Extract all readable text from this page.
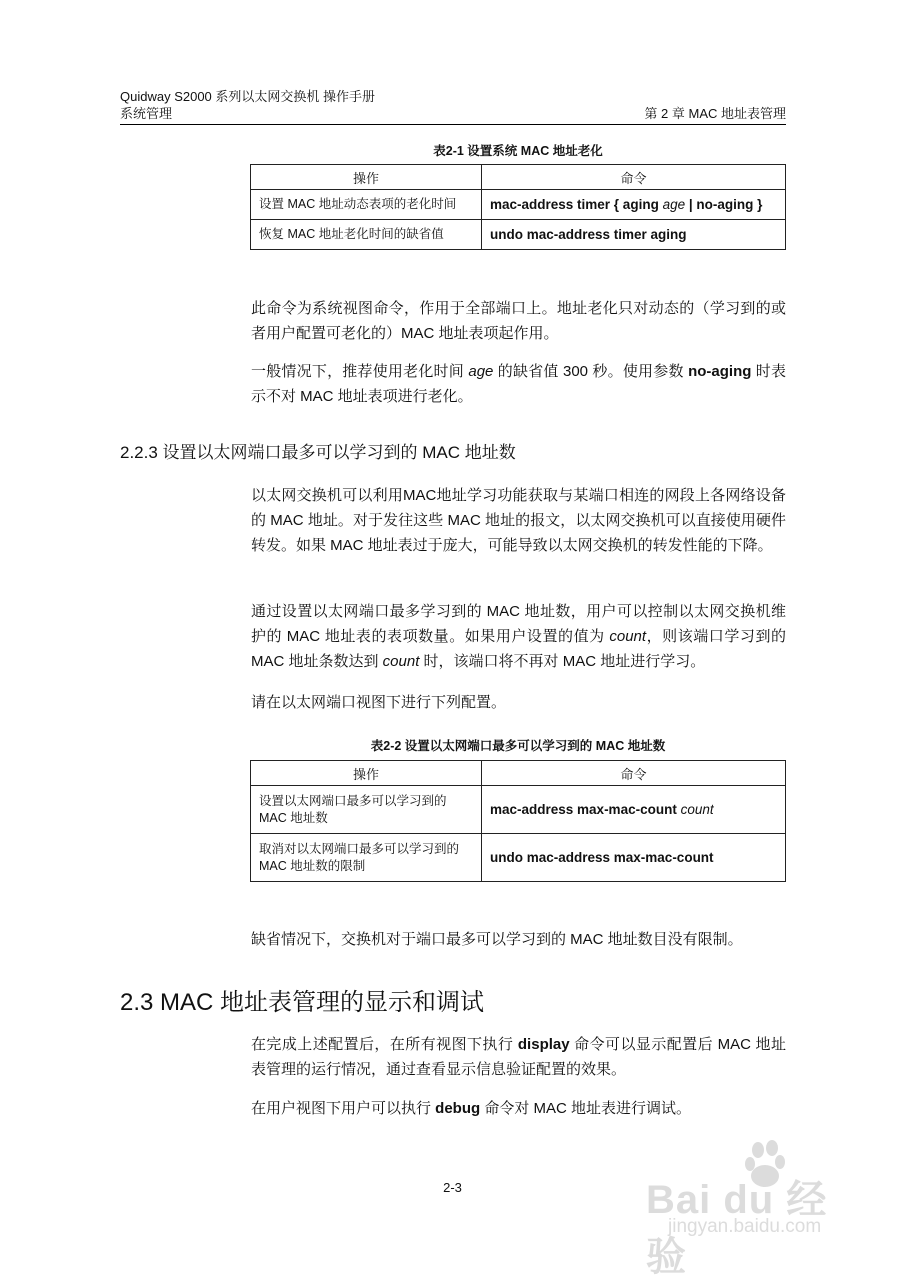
Quidway S2000 系列以太网交换机 操作手册
系统管理	第 2 章 MAC 地址表管理
表2-1 设置系统 MAC 地址老化
操作	命令
设置 MAC 地址动态表项的老化时间	mac-address timer { aging age | no-aging }
恢复 MAC 地址老化时间的缺省值	undo mac-address timer aging
此命令为系统视图命令，作用于全部端口上。地址老化只对动态的（学习到的或者用户配置可老化的）MAC 地址表项起作用。
一般情况下，推荐使用老化时间 age 的缺省值 300 秒。使用参数 no-aging 时表示不对 MAC 地址表项进行老化。
2.2.3 设置以太网端口最多可以学习到的 MAC 地址数
以太网交换机可以利用MAC地址学习功能获取与某端口相连的网段上各网络设备的 MAC 地址。对于发往这些 MAC 地址的报文，以太网交换机可以直接使用硬件转发。如果 MAC 地址表过于庞大，可能导致以太网交换机的转发性能的下降。
通过设置以太网端口最多学习到的 MAC 地址数，用户可以控制以太网交换机维护的 MAC 地址表的表项数量。如果用户设置的值为 count，则该端口学习到的 MAC 地址条数达到 count 时，该端口将不再对 MAC 地址进行学习。
请在以太网端口视图下进行下列配置。
表2-2 设置以太网端口最多可以学习到的 MAC 地址数
操作	命令
设置以太网端口最多可以学习到的 MAC 地址数	mac-address max-mac-count count
取消对以太网端口最多可以学习到的 MAC 地址数的限制	undo mac-address max-mac-count
缺省情况下，交换机对于端口最多可以学习到的 MAC 地址数目没有限制。
2.3 MAC 地址表管理的显示和调试
在完成上述配置后，在所有视图下执行 display 命令可以显示配置后 MAC 地址表管理的运行情况，通过查看显示信息验证配置的效果。
在用户视图下用户可以执行 debug 命令对 MAC 地址表进行调试。
2-3	Bai du 经验
jingyan.baidu.com
